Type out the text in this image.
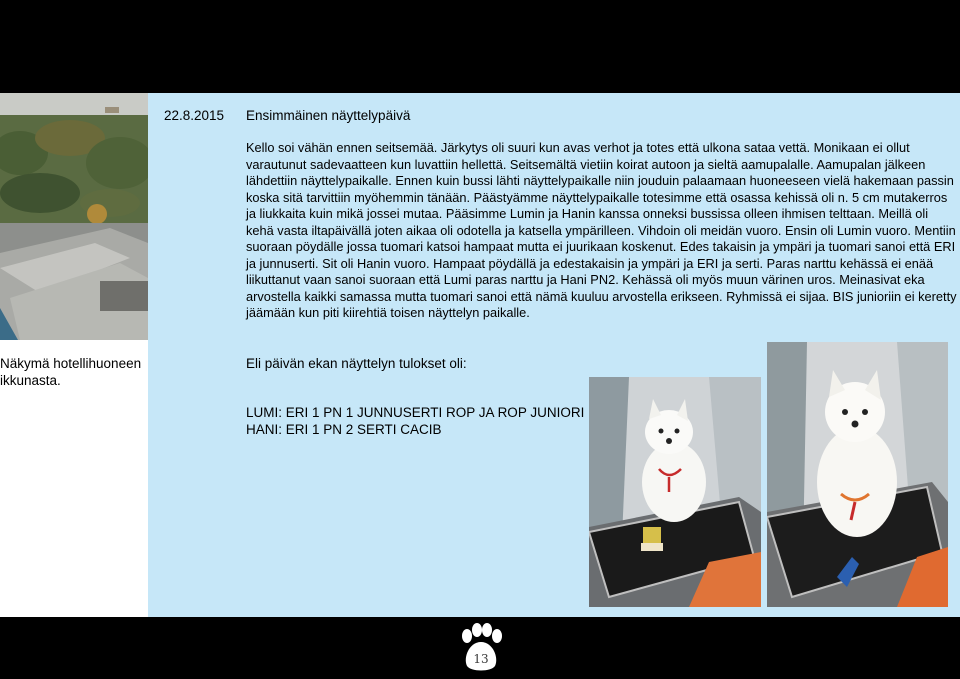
22.8.2015 Ensimmäinen näyttelypäivä

Kello soi vähän ennen seitsemää. Järkytys oli suuri kun avas verhot ja totes että ulkona sataa vettä. Monikaan ei ollut varautunut sadevaatteen kun luvattiin hellettä. Seitsemältä vietiin koirat autoon ja sieltä aamupalalle. Aamupalan jälkeen lähdettiin näyttelypaikalle. Ennen kuin bussi lähti näyttelypaikalle niin jouduin palaamaan huoneeseen vielä hakemaan passin koska sitä tarvittiin myöhemmin tänään. Päästyämme näyttelypaikalle totesimme että osassa kehissä oli n. 5 cm mutakerros ja liukkaita kuin mikä jossei mutaa. Pääsimme Lumin ja Hanin kanssa onneksi bussissa olleen ihmisen telttaan. Meillä oli kehä vasta iltapäivällä joten aikaa oli odotella ja katsella ympärilleen. Vihdoin oli meidän vuoro. Ensin oli Lumin vuoro. Mentiin suoraan pöydälle jossa tuomari katsoi hampaat mutta ei juurikaan koskenut. Edes takaisin ja ympäri ja tuomari sanoi että ERI ja junnuserti. Sit oli Hanin vuoro. Hampaat pöydällä ja edestakaisin ja ympäri ja ERI ja serti. Paras narttu kehässä ei enää liikuttanut vaan sanoi suoraan että Lumi paras narttu ja Hani PN2. Kehässä oli myös muun värinen uros. Meinasivat eka arvostella kaikki samassa mutta tuomari sanoi että nämä kuuluu arvostella erikseen. Ryhmissä ei sijaa. BIS junioriin ei keretty jäämään kun piti kiirehtiä toisen näyttelyn paikalle.

Näkymä hotellihuoneen ikkunasta.
Eli päivän ekan näyttelyn tulokset oli:
LUMI: ERI 1 PN 1 JUNNUSERTI ROP JA ROP JUNIORI
HANI: ERI 1 PN 2 SERTI CACIB
13
